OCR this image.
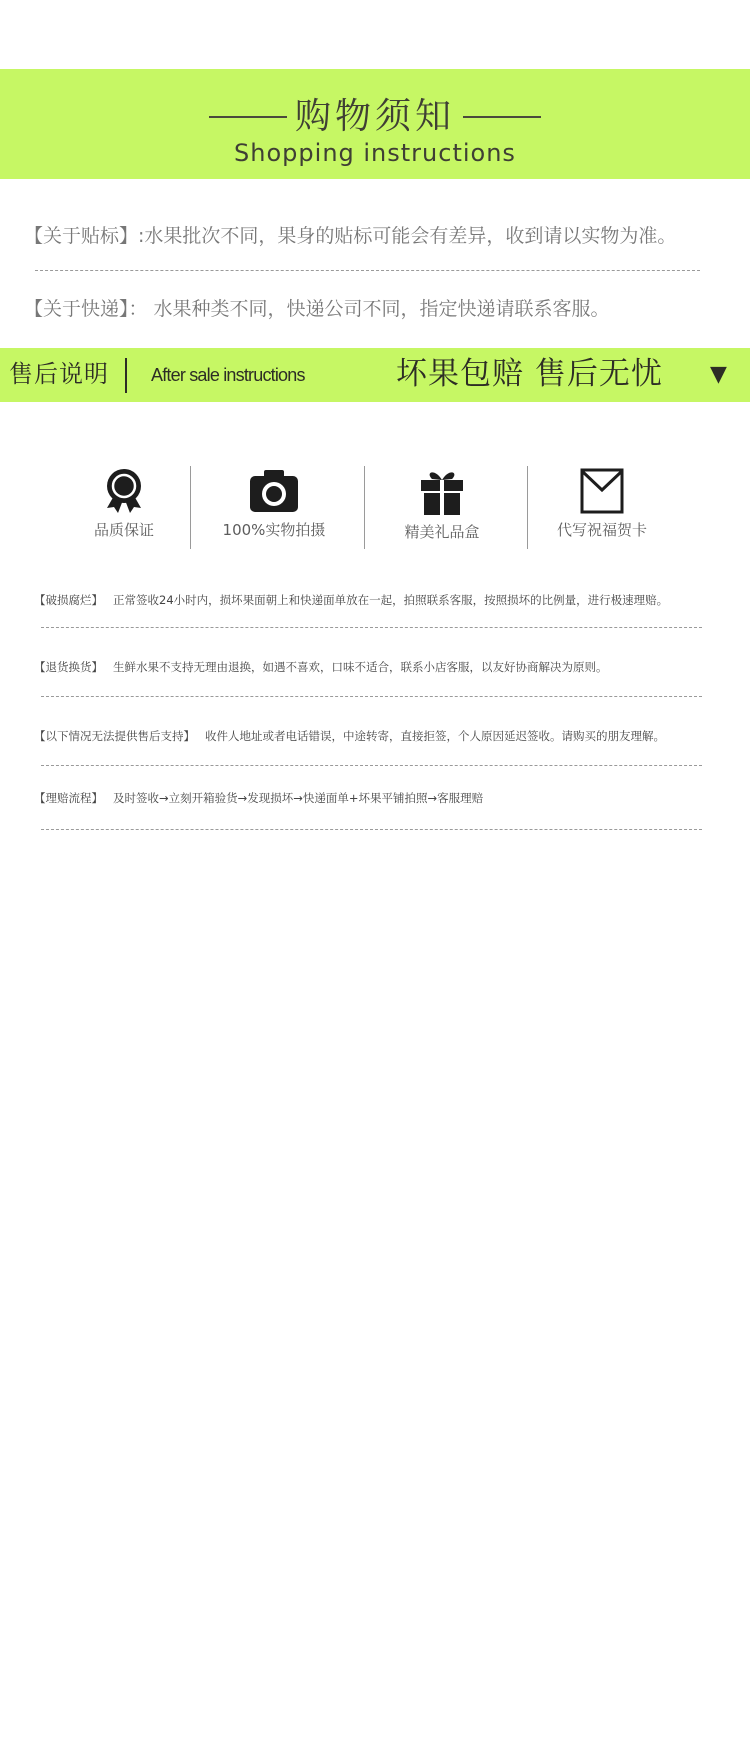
购物须知
Shopping instructions
【关于贴标】:水果批次不同，果身的贴标可能会有差异，收到请以实物为准。
【关于快递】： 水果种类不同，快递公司不同，指定快递请联系客服。
售后说明 After sale instructions	坏果包赔 售后无忧 ▼
品质保证	100%实物拍摄	精美礼品盒	代写祝福贺卡
【破损腐烂】 正常签收24小时内，损坏果面朝上和快递面单放在一起，拍照联系客服，按照损坏的比例量，进行极速理赔。
【退货换货】 生鲜水果不支持无理由退换，如遇不喜欢，口味不适合，联系小店客服，以友好协商解决为原则。
【以下情况无法提供售后支持】 收件人地址或者电话错误，中途转寄，直接拒签，个人原因延迟签收。请购买的朋友理解。
【理赔流程】 及时签收→立刻开箱验货→发现损坏→快递面单+坏果平铺拍照→客服理赔
